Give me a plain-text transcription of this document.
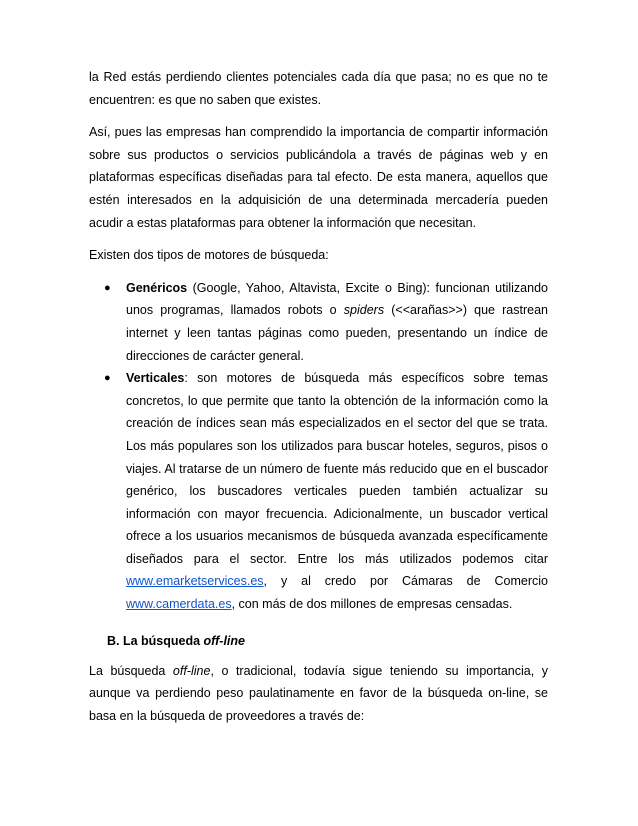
la Red estás perdiendo clientes potenciales cada día que pasa; no es que no te encuentren: es que no saben que existes.

Así, pues las empresas han comprendido la importancia de compartir información sobre sus productos o servicios publicándola a través de páginas web y en plataformas específicas diseñadas para tal efecto. De esta manera, aquellos que estén interesados en la adquisición de una determinada mercadería pueden acudir a estas plataformas para obtener la información que necesitan.

Existen dos tipos de motores de búsqueda:

● Genéricos (Google, Yahoo, Altavista, Excite o Bing): funcionan utilizando unos programas, llamados robots o spiders (<<arañas>>) que rastrean internet y leen tantas páginas como pueden, presentando un índice de direcciones de carácter general.
● Verticales: son motores de búsqueda más específicos sobre temas concretos, lo que permite que tanto la obtención de la información como la creación de índices sean más especializados en el sector del que se trata. Los más populares son los utilizados para buscar hoteles, seguros, pisos o viajes. Al tratarse de un número de fuente más reducido que en el buscador genérico, los buscadores verticales pueden también actualizar su información con mayor frecuencia. Adicionalmente, un buscador vertical ofrece a los usuarios mecanismos de búsqueda avanzada específicamente diseñados para el sector. Entre los más utilizados podemos citar www.emarketservices.es, y al credo por Cámaras de Comercio www.camerdata.es, con más de dos millones de empresas censadas.
B. La búsqueda off-line

La búsqueda off-line, o tradicional, todavía sigue teniendo su importancia, y aunque va perdiendo peso paulatinamente en favor de la búsqueda on-line, se basa en la búsqueda de proveedores a través de:
